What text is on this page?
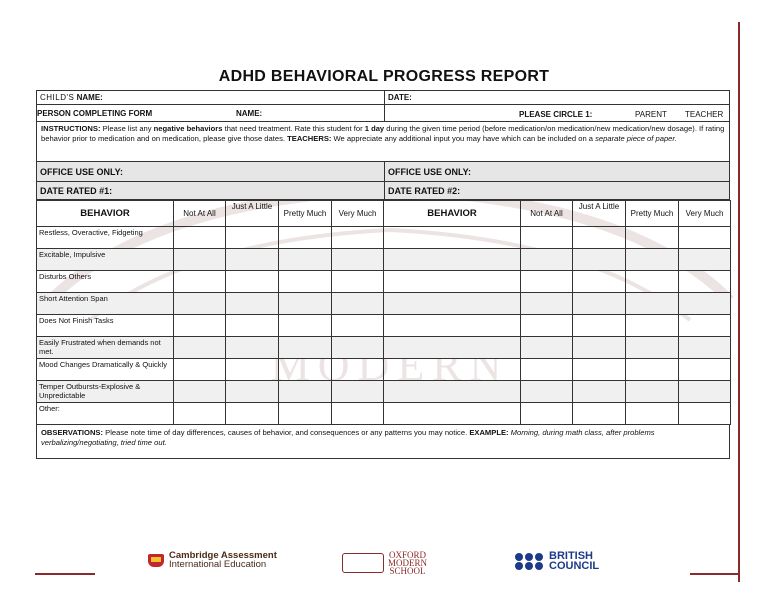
MODERN
ADHD BEHAVIORAL PROGRESS REPORT
CHILD'S NAME:	DATE:
PERSON COMPLETING FORM	NAME:	PLEASE CIRCLE 1:	PARENT TEACHER
INSTRUCTIONS: Please list any negative behaviors that need treatment. Rate this student for 1 day during the given time period (before medication/on medication/new medication/new dosage). If rating behavior prior to medication and on medication, please give those dates. TEACHERS: We appreciate any additional input you may have which can be included on a separate piece of paper.
OFFICE USE ONLY:	OFFICE USE ONLY:
DATE RATED #1:	DATE RATED #2:
BEHAVIOR	Not At All	Just A Little	Pretty Much	Very Much	BEHAVIOR	Not At All	Just A Little	Pretty Much	Very Much
Restless, Overactive, Fidgeting									
Excitable, Impulsive									
Disturbs Others									
Short Attention Span									
Does Not Finish Tasks									
Easily Frustrated when demands not met.									
Mood Changes Dramatically & Quickly									
Temper Outbursts-Explosive & Unpredictable									
Other:									
OBSERVATIONS: Please note time of day differences, causes of behavior, and consequences or any patterns you may notice. EXAMPLE: Morning, during math class, after problems verbalizing/negotiating, tried time out.
Cambridge Assessment
International Education
OXFORD
MODERN
SCHOOL
BRITISH
COUNCIL
